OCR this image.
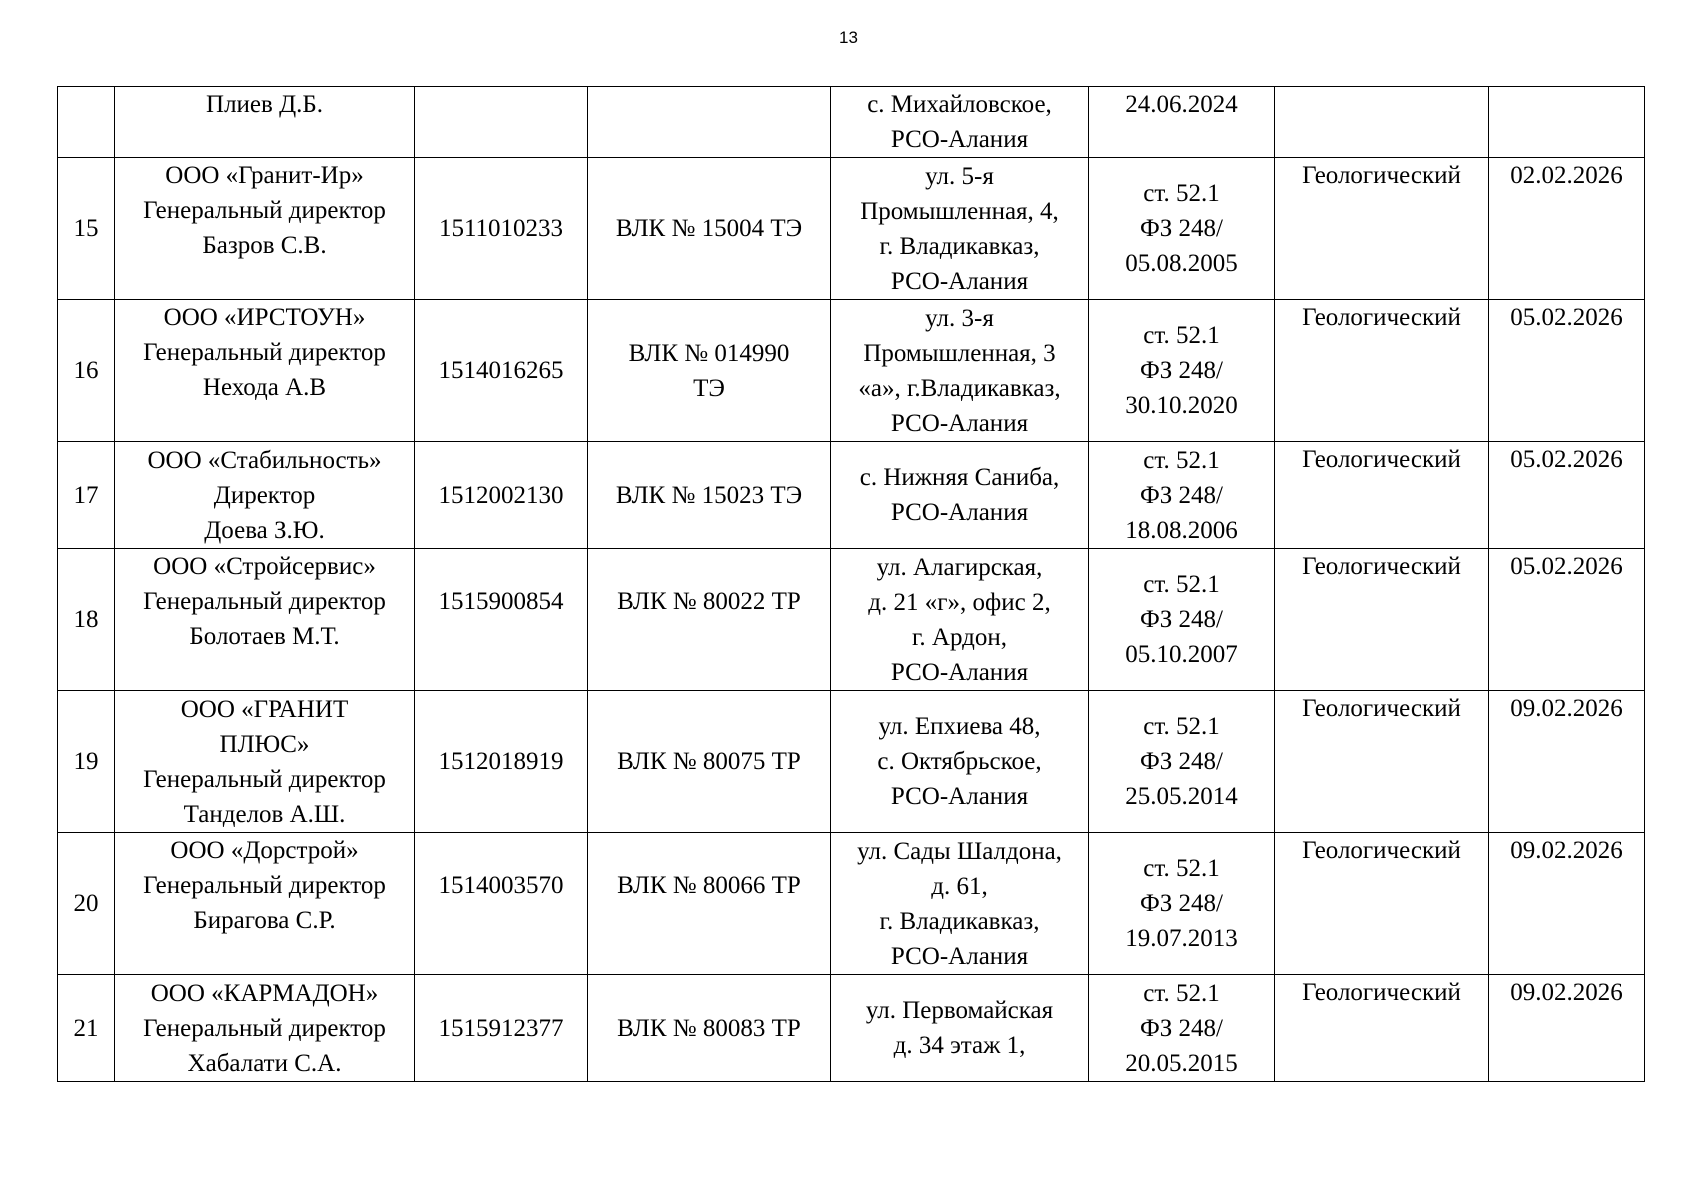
13
	Плиев Д.Б.			с. Михайловское,
РСО-Алания	24.06.2024		
15	ООО «Гранит-Ир»
Генеральный директор
Базров С.В.	1511010233	ВЛК № 15004 ТЭ	ул. 5-я
Промышленная, 4,
г. Владикавказ,
РСО-Алания	ст. 52.1
ФЗ 248/
05.08.2005	Геологический	02.02.2026
16	ООО «ИРСТОУН»
Генеральный директор
Нехода А.В	1514016265	ВЛК № 014990
ТЭ	ул. 3-я
Промышленная, 3
«а», г.Владикавказ,
РСО-Алания	ст. 52.1
ФЗ 248/
30.10.2020	Геологический	05.02.2026
17	ООО «Стабильность»
Директор
Доева З.Ю.	1512002130	ВЛК № 15023 ТЭ	с. Нижняя Саниба,
РСО-Алания	ст. 52.1
ФЗ 248/
18.08.2006	Геологический	05.02.2026
18	ООО «Стройсервис»
Генеральный директор
Болотаев М.Т.	1515900854	ВЛК № 80022 ТР	ул. Алагирская,
д. 21 «г», офис 2,
г. Ардон,
РСО-Алания	ст. 52.1
ФЗ 248/
05.10.2007	Геологический	05.02.2026
19	ООО «ГРАНИТ
ПЛЮС»
Генеральный директор
Танделов А.Ш.	1512018919	ВЛК № 80075 ТР	ул. Епхиева 48,
с. Октябрьское,
РСО-Алания	ст. 52.1
ФЗ 248/
25.05.2014	Геологический	09.02.2026
20	ООО «Дорстрой»
Генеральный директор
Бирагова С.Р.	1514003570	ВЛК № 80066 ТР	ул. Сады Шалдона,
д. 61,
г. Владикавказ,
РСО-Алания	ст. 52.1
ФЗ 248/
19.07.2013	Геологический	09.02.2026
21	ООО «КАРМАДОН»
Генеральный директор
Хабалати С.А.	1515912377	ВЛК № 80083 ТР	ул. Первомайская
д. 34 этаж 1,	ст. 52.1
ФЗ 248/
20.05.2015	Геологический	09.02.2026
